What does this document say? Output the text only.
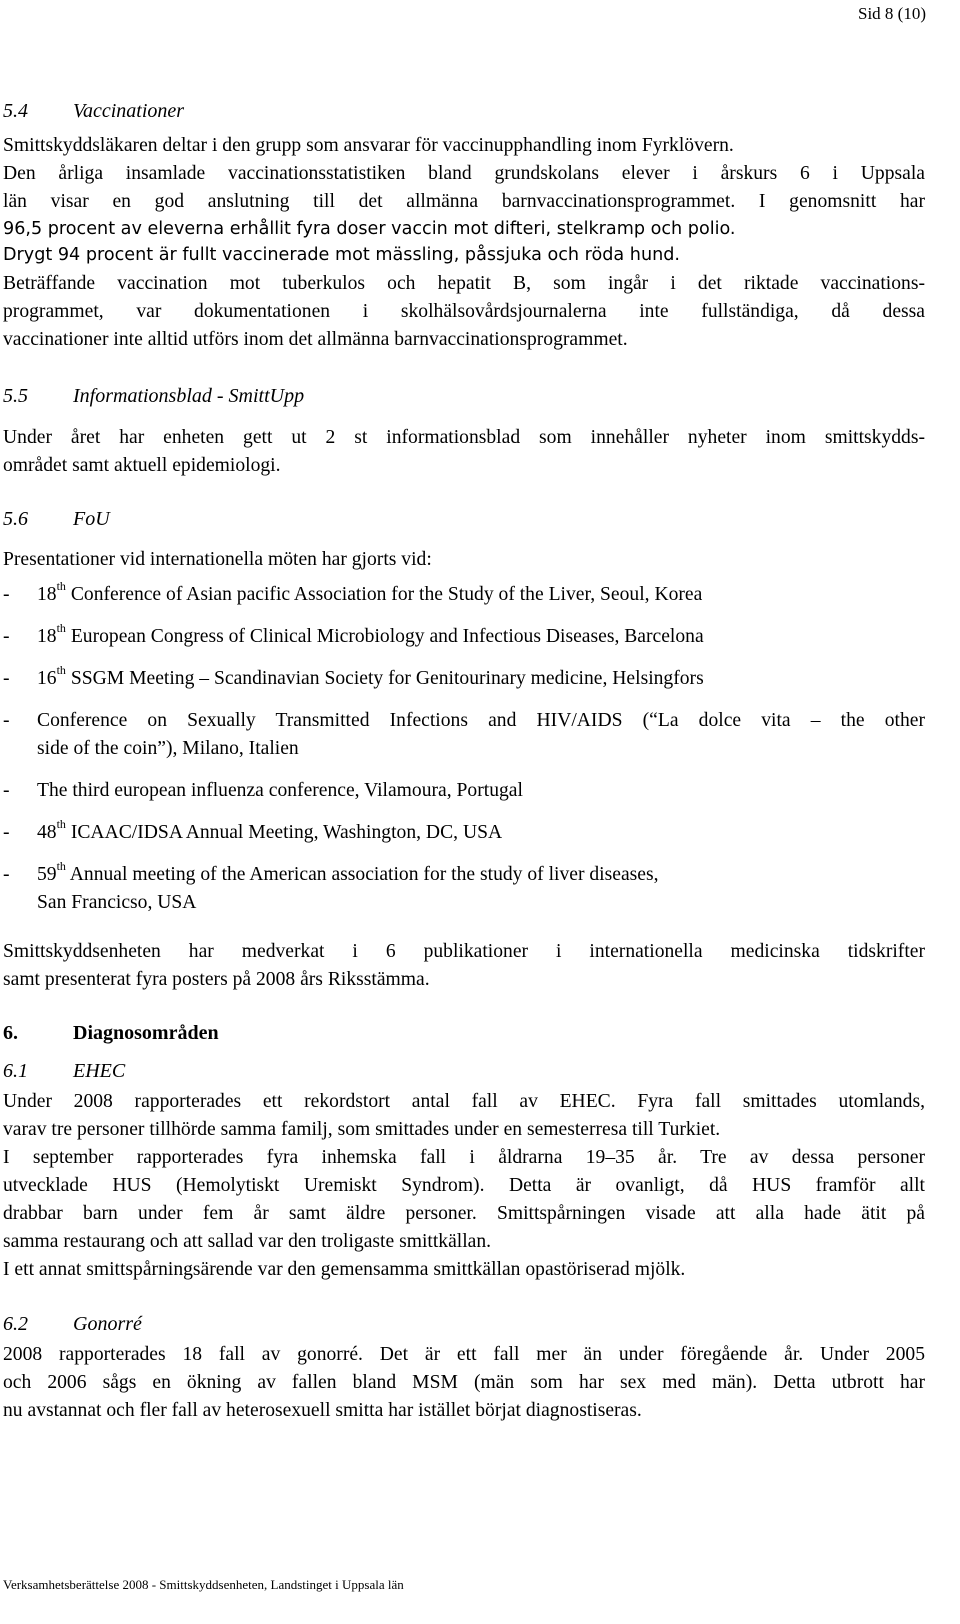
Sid 8 (10)
5.4 Vaccinationer
Smittskyddsläkaren deltar i den grupp som ansvarar för vaccinupphandling inom Fyrklövern.
Den årliga insamlade vaccinationsstatistiken bland grundskolans elever i årskurs 6 i Uppsala
län visar en god anslutning till det allmänna barnvaccinationsprogrammet. I genomsnitt har
96,5 procent av eleverna erhållit fyra doser vaccin mot difteri, stelkramp och polio.
Drygt 94 procent är fullt vaccinerade mot mässling, påssjuka och röda hund.
Beträffande vaccination mot tuberkulos och hepatit B, som ingår i det riktade vaccinations-
programmet, var dokumentationen i skolhälsovårdsjournalerna inte fullständiga, då dessa
vaccinationer inte alltid utförs inom det allmänna barnvaccinationsprogrammet.
5.5 Informationsblad - SmittUpp
Under året har enheten gett ut 2 st informationsblad som innehåller nyheter inom smittskydds-
området samt aktuell epidemiologi.
5.6 FoU
Presentationer vid internationella möten har gjorts vid:
- 18th Conference of Asian pacific Association for the Study of the Liver, Seoul, Korea
- 18th European Congress of Clinical Microbiology and Infectious Diseases, Barcelona
- 16th SSGM Meeting – Scandinavian Society for Genitourinary medicine, Helsingfors
- Conference on Sexually Transmitted Infections and HIV/AIDS (“La dolce vita – the other
side of the coin”), Milano, Italien
- The third european influenza conference, Vilamoura, Portugal
- 48th ICAAC/IDSA Annual Meeting, Washington, DC, USA
- 59th Annual meeting of the American association for the study of liver diseases,
San Francicso, USA
Smittskyddsenheten har medverkat i 6 publikationer i internationella medicinska tidskrifter
samt presenterat fyra posters på 2008 års Riksstämma.
6.	Diagnosområden
6.1 EHEC
Under 2008 rapporterades ett rekordstort antal fall av EHEC. Fyra fall smittades utomlands,
varav tre personer tillhörde samma familj, som smittades under en semesterresa till Turkiet.
I september rapporterades fyra inhemska fall i åldrarna 19–35 år. Tre av dessa personer
utvecklade HUS (Hemolytiskt Uremiskt Syndrom). Detta är ovanligt, då HUS framför allt
drabbar barn under fem år samt äldre personer. Smittspårningen visade att alla hade ätit på
samma restaurang och att sallad var den troligaste smittkällan.
I ett annat smittspårningsärende var den gemensamma smittkällan opastöriserad mjölk.
6.2 Gonorré
2008 rapporterades 18 fall av gonorré. Det är ett fall mer än under föregående år. Under 2005
och 2006 sågs en ökning av fallen bland MSM (män som har sex med män). Detta utbrott har
nu avstannat och fler fall av heterosexuell smitta har istället börjat diagnostiseras.
Verksamhetsberättelse 2008 - Smittskyddsenheten, Landstinget i Uppsala län
